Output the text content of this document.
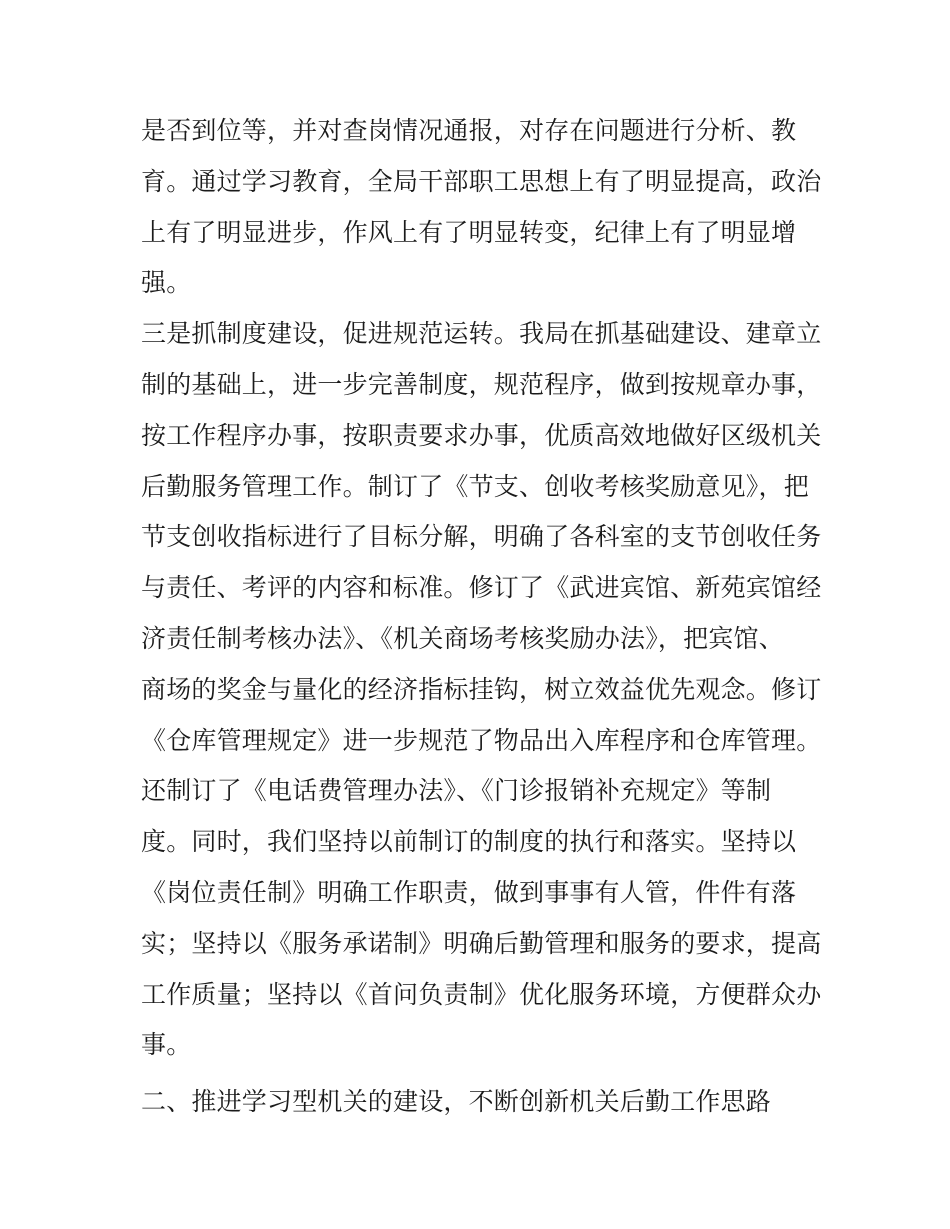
是否到位等，并对查岗情况通报，对存在问题进行分析、教
育。通过学习教育，全局干部职工思想上有了明显提高，政治
上有了明显进步，作风上有了明显转变，纪律上有了明显增
强。
三是抓制度建设，促进规范运转。我局在抓基础建设、建章立
制的基础上，进一步完善制度，规范程序，做到按规章办事，
按工作程序办事，按职责要求办事，优质高效地做好区级机关
后勤服务管理工作。制订了《节支、创收考核奖励意见》，把
节支创收指标进行了目标分解，明确了各科室的支节创收任务
与责任、考评的内容和标准。修订了《武进宾馆、新苑宾馆经
济责任制考核办法》、《机关商场考核奖励办法》，把宾馆、
商场的奖金与量化的经济指标挂钩，树立效益优先观念。修订
《仓库管理规定》进一步规范了物品出入库程序和仓库管理。
还制订了《电话费管理办法》、《门诊报销补充规定》等制
度。同时，我们坚持以前制订的制度的执行和落实。坚持以
《岗位责任制》明确工作职责，做到事事有人管，件件有落
实；坚持以《服务承诺制》明确后勤管理和服务的要求，提高
工作质量；坚持以《首问负责制》优化服务环境，方便群众办
事。
二、推进学习型机关的建设，不断创新机关后勤工作思路
